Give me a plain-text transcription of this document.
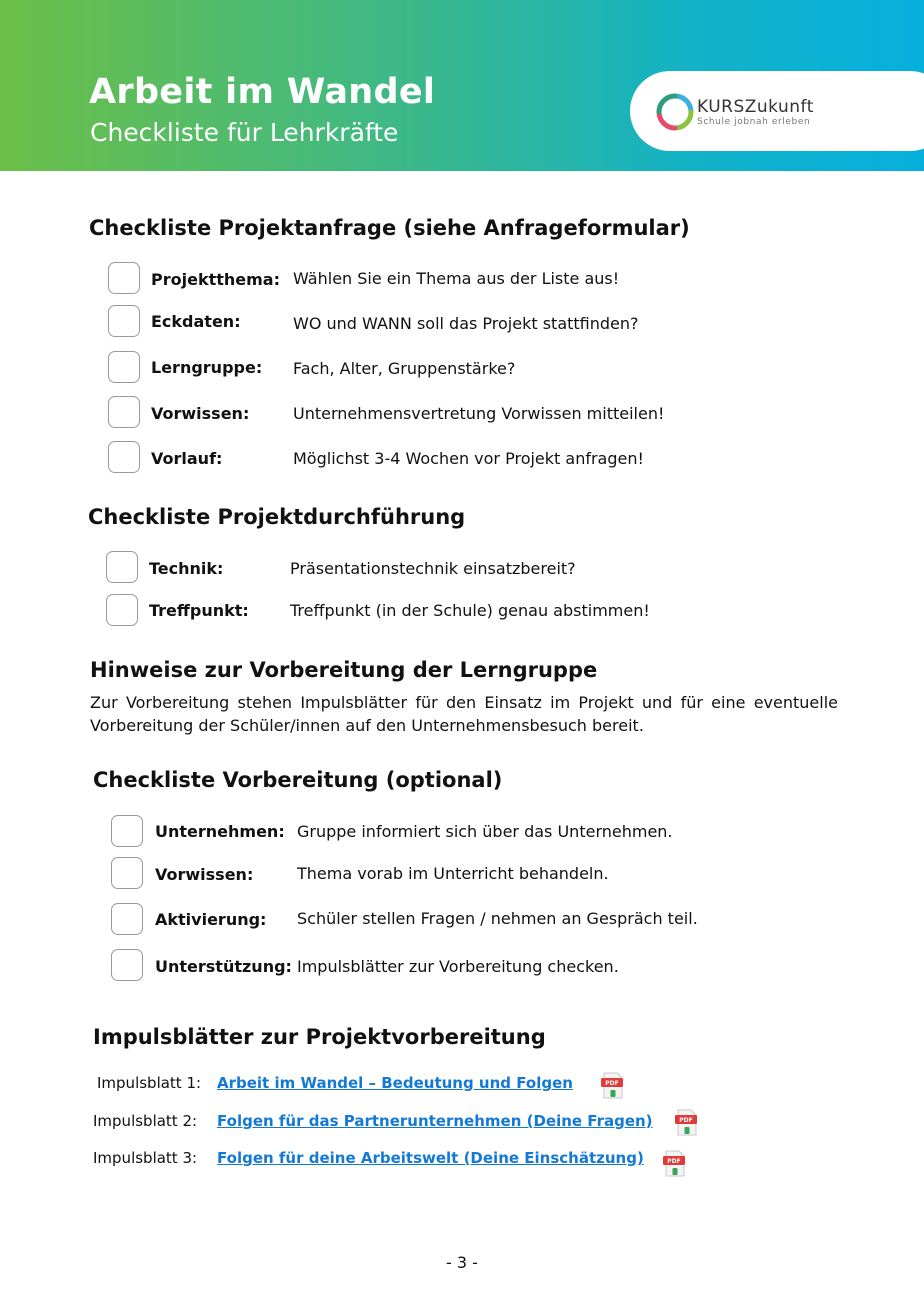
Arbeit im Wandel
Checkliste für Lehrkräfte
KURSZukunft
Schule jobnah erleben
Checkliste Projektanfrage (siehe Anfrageformular)
Projektthema: Wählen Sie ein Thema aus der Liste aus!
Eckdaten:	WO und WANN soll das Projekt stattfinden?
Lerngruppe: Fach, Alter, Gruppenstärke?
Vorwissen:	Unternehmensvertretung Vorwissen mitteilen!
Vorlauf:	Möglichst 3-4 Wochen vor Projekt anfragen!
Checkliste Projektdurchführung
Technik:	Präsentationstechnik einsatzbereit?
Treffpunkt:	Treffpunkt (in der Schule) genau abstimmen!
Hinweise zur Vorbereitung der Lerngruppe
Zur Vorbereitung stehen Impulsblätter für den Einsatz im Projekt und für eine eventuelle Vorbereitung der Schüler/innen auf den Unternehmensbesuch bereit.
Checkliste Vorbereitung (optional)
Unternehmen: Gruppe informiert sich über das Unternehmen.
Vorwissen:	Thema vorab im Unterricht behandeln.
Aktivierung: Schüler stellen Fragen / nehmen an Gespräch teil.
Unterstützung: Impulsblätter zur Vorbereitung checken.
Impulsblätter zur Projektvorbereitung
Impulsblatt 1: Arbeit im Wandel – Bedeutung und Folgen	PDF
Impulsblatt 2: Folgen für das Partnerunternehmen (Deine Fragen)	PDF
Impulsblatt 3: Folgen für deine Arbeitswelt (Deine Einschätzung)	PDF
- 3 -
